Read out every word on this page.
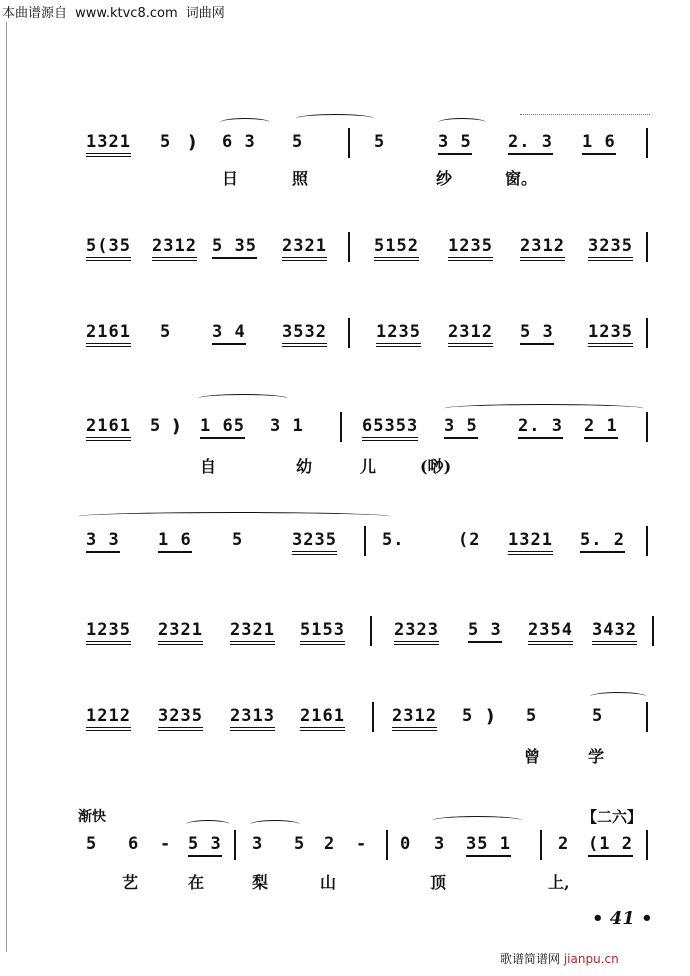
本曲谱源自 www.ktvc8.com 词曲网
1321 5 ) 6 3 5	5	3 5 2. 3 1 6
日	照	纱	窗。
5(35 2312 5 35 2321	5152 1235 2312 3235
2161 5 3 4 3532	1235 2312 5 3 1235
2161 5 ) 1 65 3 1	65353 3 5 2. 3 2 1
自	幼	儿	(唦)
3 3 1 6 5	3235	5.	(2 1321 5. 2
1235 2321 2321 5153	2323 5 3 2354 3432
1212 3235 2313 2161	2312 5 ) 5	5
曾	学
渐快	【二六】
5 6 - 5 3 3 5 2 - 0 3 35 1	2 (1 2
艺	在	梨	山	顶	上,
• 41 •
歌谱简谱网 jianpu.cn
